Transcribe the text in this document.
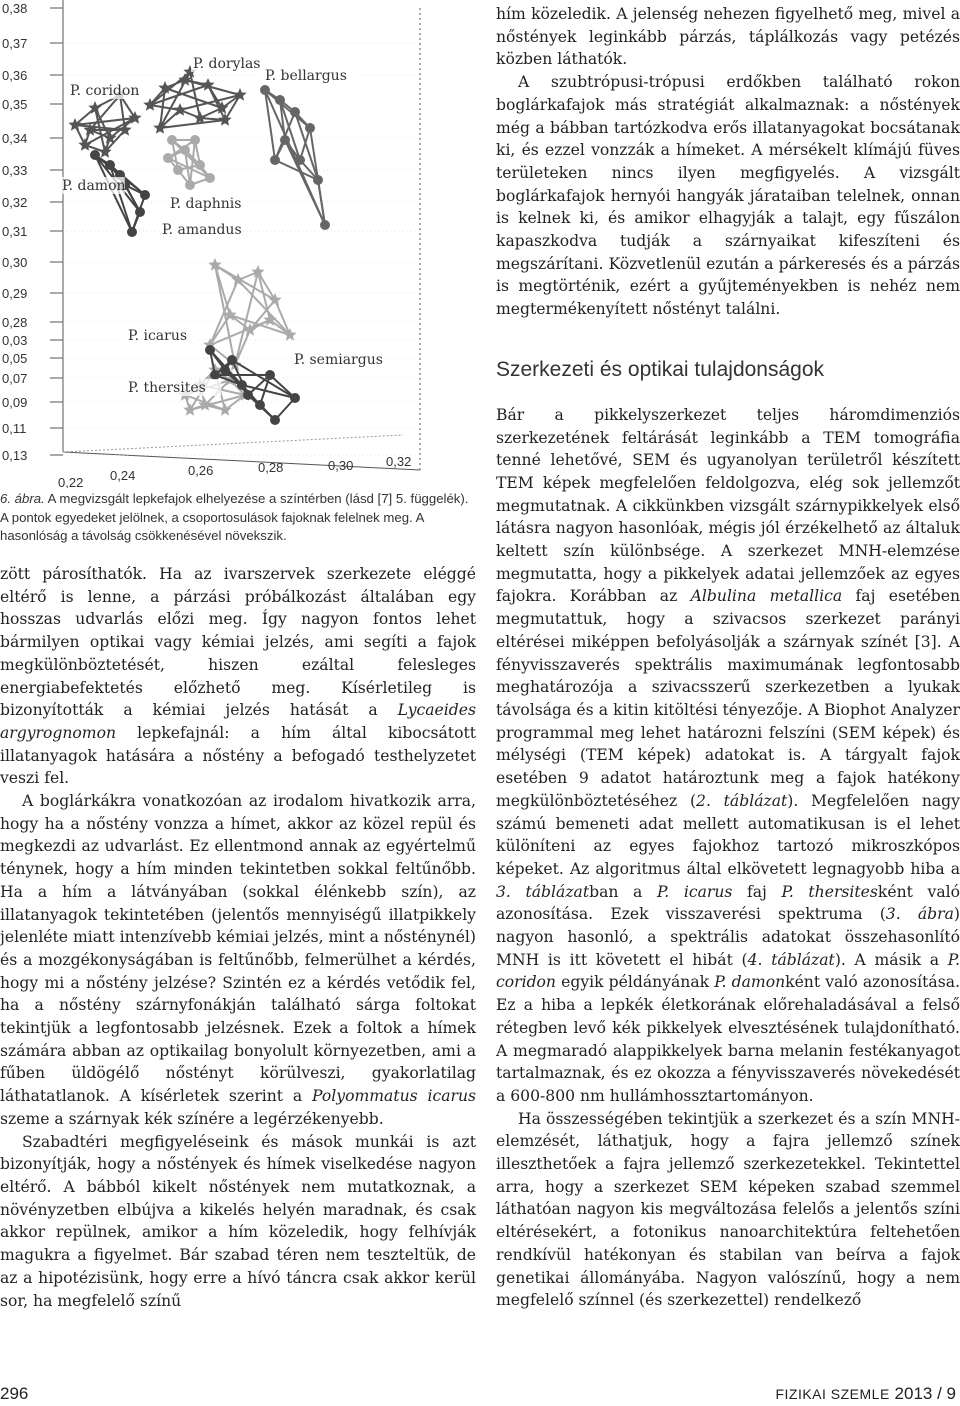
0,38
0,37
0,36
0,35
0,34
0,33
0,32
0,31
0,30
0,29
0,28
0,03
0,05
0,07
0,09
0,11
0,13
0,22 0,24	0,26	0,28	0,30	0,32
P. dorylas
P. bellargus
P. coridon
P. damon
P. daphnis
P. amandus
P. icarus
P. thersites
P. semiargus
6. ábra. A megvizsgált lepkefajok elhelyezése a színtérben (lásd [7] 5. függelék). A pontok egyedeket jelölnek, a csoportosulások fajoknak felelnek meg. A hasonlóság a távolság csökkenésével növekszik.

zött párosíthatók. Ha az ivarszervek szerkezete eléggé eltérő is lenne, a párzási próbálkozást általában egy hosszas udvarlás előzi meg. Így nagyon fontos lehet bármilyen optikai vagy kémiai jelzés, ami segíti a fajok megkülönböztetését, hiszen ezáltal felesleges energiabefektetés előzhető meg. Kísérletileg is bizonyították a kémiai jelzés hatását a Lycaeides argyrognomon lepkefajnál: a hím által kibocsátott illatanyagok hatására a nőstény a befogadó testhelyzetet veszi fel.

A boglárkákra vonatkozóan az irodalom hivatkozik arra, hogy ha a nőstény vonzza a hímet, akkor az közel repül és megkezdi az udvarlást. Ez ellentmond annak az egyértelmű ténynek, hogy a hím minden tekintetben sokkal feltűnőbb. Ha a hím a látványában (sokkal élénkebb szín), az illatanyagok tekintetében (jelentős mennyiségű illatpikkely jelenléte miatt intenzívebb kémiai jelzés, mint a nősténynél) és a mozgékonyságában is feltűnőbb, felmerülhet a kérdés, hogy mi a nőstény jelzése? Szintén ez a kérdés vetődik fel, ha a nőstény szárnyfonákján található sárga foltokat tekintjük a legfontosabb jelzésnek. Ezek a foltok a hímek számára abban az optikailag bonyolult környezetben, ami a fűben üldögélő nőstényt körülveszi, gyakorlatilag láthatatlanok. A kísérletek szerint a Polyommatus icarus szeme a szárnyak kék színére a legérzékenyebb.

Szabadtéri megfigyeléseink és mások munkái is azt bizonyítják, hogy a nőstények és hímek viselkedése nagyon eltérő. A bábból kikelt nőstények nem mutatkoznak, a növényzetben elbújva a kikelés helyén maradnak, és csak akkor repülnek, amikor a hím közeledik, hogy felhívják magukra a figyelmet. Bár szabad téren nem teszteltük, de az a hipotézisünk, hogy erre a hívó táncra csak akkor kerül sor, ha megfelelő színű

hím közeledik. A jelenség nehezen figyelhető meg, mivel a nőstények leginkább párzás, táplálkozás vagy petézés közben láthatók.

A szubtrópusi-trópusi erdőkben található rokon boglárkafajok más stratégiát alkalmaznak: a nőstények még a bábban tartózkodva erős illatanyagokat bocsátanak ki, és ezzel vonzzák a hímeket. A mérsékelt klímájú füves területeken nincs ilyen megfigyelés. A vizsgált boglárkafajok hernyói hangyák járataiban telelnek, onnan is kelnek ki, és amikor elhagyják a talajt, egy fűszálon kapaszkodva tudják a szárnyaikat kifeszíteni és megszárítani. Közvetlenül ezután a párkeresés és a párzás is megtörténik, ezért a gyűjteményekben is nehéz nem megtermékenyített nőstényt találni.

Szerkezeti és optikai tulajdonságok

Bár a pikkelyszerkezet teljes háromdimenziós szerkezetének feltárását leginkább a TEM tomográfia tenné lehetővé, SEM és ugyanolyan területről készített TEM képek megfelelően feldolgozva, elég sok jellemzőt megmutatnak. A cikkünkben vizsgált szárnypikkelyek első látásra nagyon hasonlóak, mégis jól érzékelhető az általuk keltett szín különbsége. A szerkezet MNH-elemzése megmutatta, hogy a pikkelyek adatai jellemzőek az egyes fajokra. Korábban az Albulina metallica faj esetében megmutattuk, hogy a szivacsos szerkezet parányi eltérései miképpen befolyásolják a szárnyak színét [3]. A fényvisszaverés spektrális maximumának legfontosabb meghatározója a szivacsszerű szerkezetben a lyukak távolsága és a kitin kitöltési tényezője. A Biophot Analyzer programmal meg lehet határozni felszíni (SEM képek) és mélységi (TEM képek) adatokat is. A tárgyalt fajok esetében 9 adatot határoztunk meg a fajok hatékony megkülönböztetéséhez (2. táblázat). Megfelelően nagy számú bemeneti adat mellett automatikusan is el lehet különíteni az egyes fajokhoz tartozó mikroszkópos képeket. Az algoritmus által elkövetett legnagyobb hiba a 3. táblázatban a P. icarus faj P. thersitesként való azonosítása. Ezek visszaverési spektruma (3. ábra) nagyon hasonló, a spektrális adatokat összehasonlító MNH is itt követett el hibát (4. táblázat). A másik a P. coridon egyik példányának P. damonként való azonosítása. Ez a hiba a lepkék életkorának előrehaladásával a felső rétegben levő kék pikkelyek elvesztésének tulajdonítható. A megmaradó alappikkelyek barna melanin festékanyagot tartalmaznak, és ez okozza a fényvisszaverés növekedését a 600-800 nm hullámhossztartományon.

Ha összességében tekintjük a szerkezet és a szín MNH-elemzését, láthatjuk, hogy a fajra jellemző színek illeszthetőek a fajra jellemző szerkezetekkel. Tekintettel arra, hogy a szerkezet SEM képeken szabad szemmel láthatóan nagyon kis megváltozása felelős a jelentős színi eltérésekért, a fotonikus nanoarchitektúra feltehetően rendkívül hatékonyan és stabilan van beírva a fajok genetikai állományába. Nagyon valószínű, hogy a nem megfelelő színnel (és szerkezettel) rendelkező

296	FIZIKAI SZEMLE 2013 / 9
